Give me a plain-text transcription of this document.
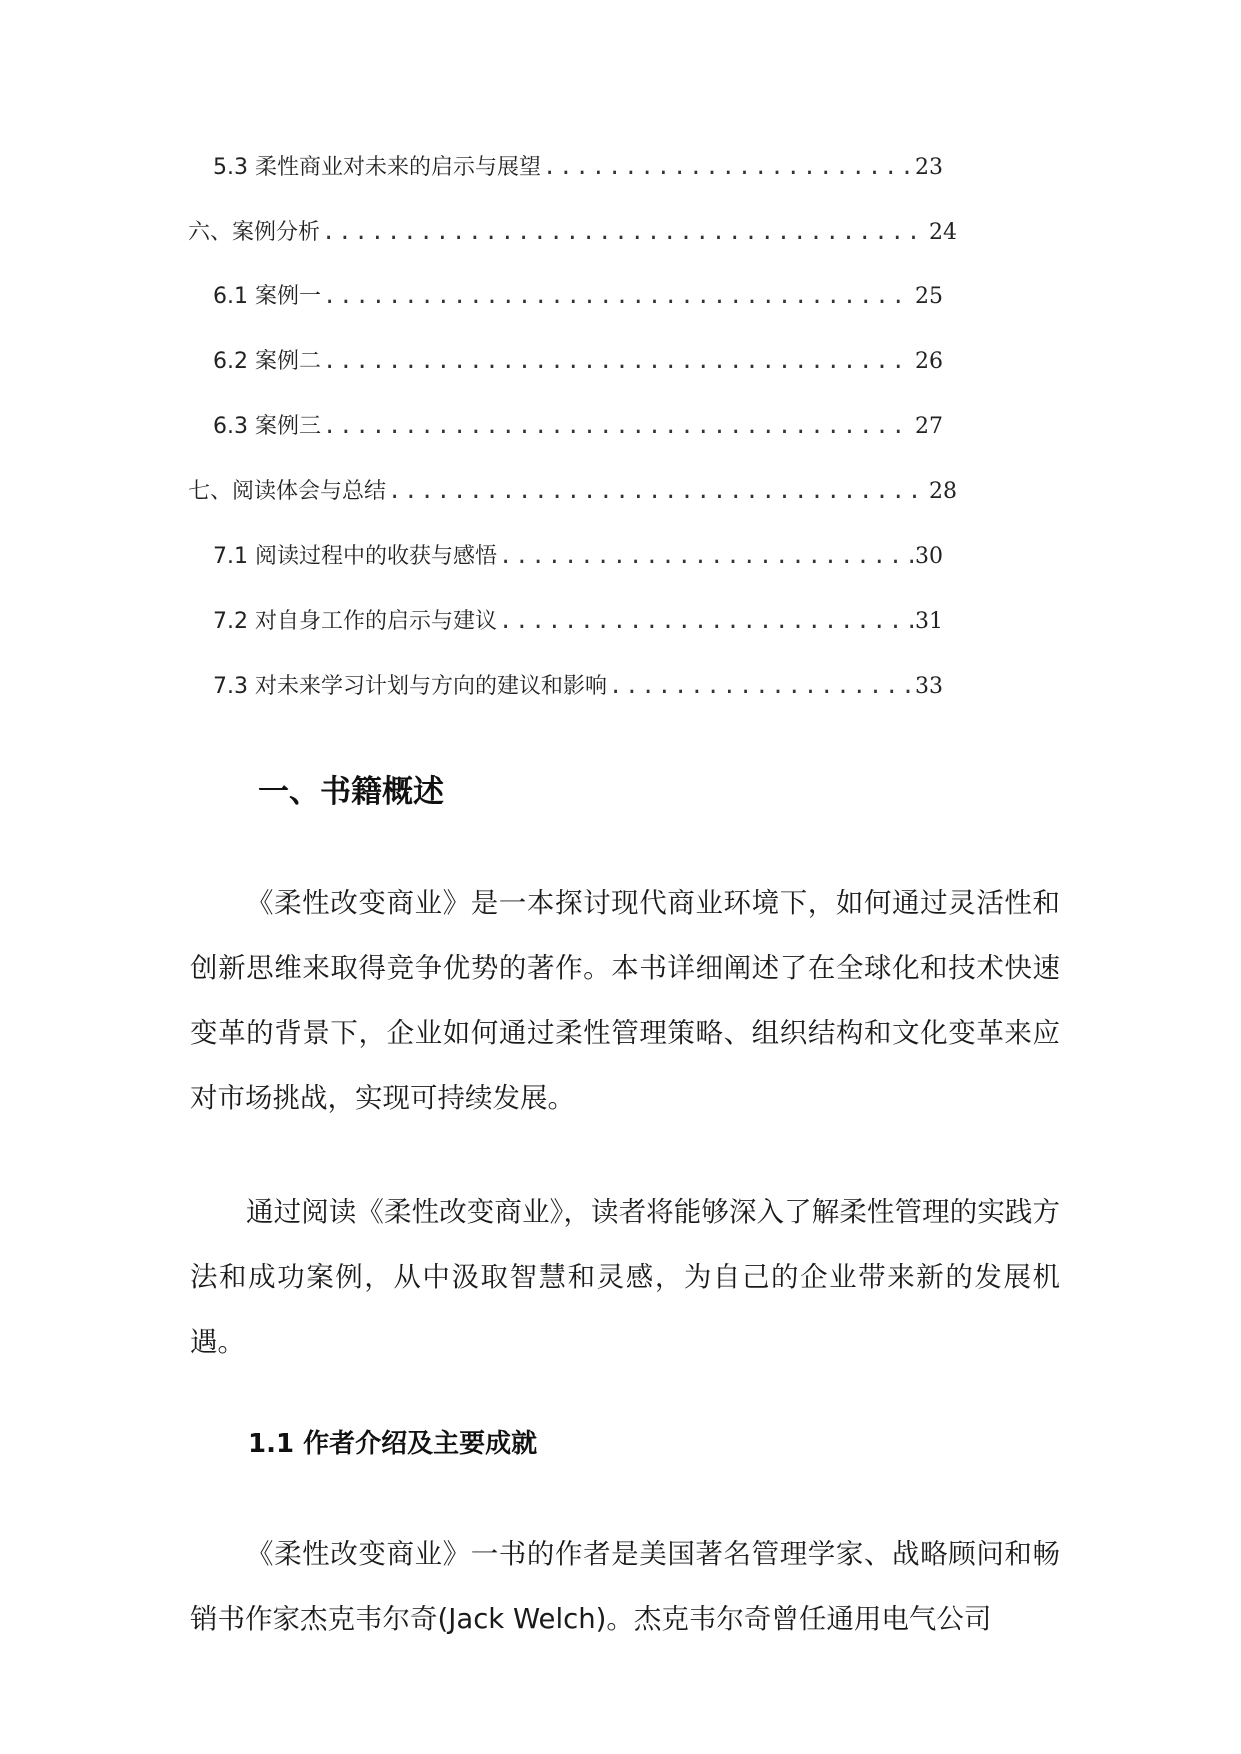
5.3 柔性商业对未来的启示与展望 .....	23
六、案例分析 .....	24
6.1 案例一 .....	25
6.2 案例二 .....	26
6.3 案例三 .....	27
七、阅读体会与总结 .....	28
7.1 阅读过程中的收获与感悟 .....	30
7.2 对自身工作的启示与建议 .....	31
7.3 对未来学习计划与方向的建议和影响 .....	33
一、书籍概述

《柔性改变商业》是一本探讨现代商业环境下，如何通过灵活性和创新思维来取得竞争优势的著作。本书详细阐述了在全球化和技术快速变革的背景下，企业如何通过柔性管理策略、组织结构和文化变革来应对市场挑战，实现可持续发展。

通过阅读《柔性改变商业》，读者将能够深入了解柔性管理的实践方法和成功案例，从中汲取智慧和灵感，为自己的企业带来新的发展机遇。

1.1 作者介绍及主要成就

《柔性改变商业》一书的作者是美国著名管理学家、战略顾问和畅销书作家杰克韦尔奇(Jack Welch)。杰克韦尔奇曾任通用电气公司
